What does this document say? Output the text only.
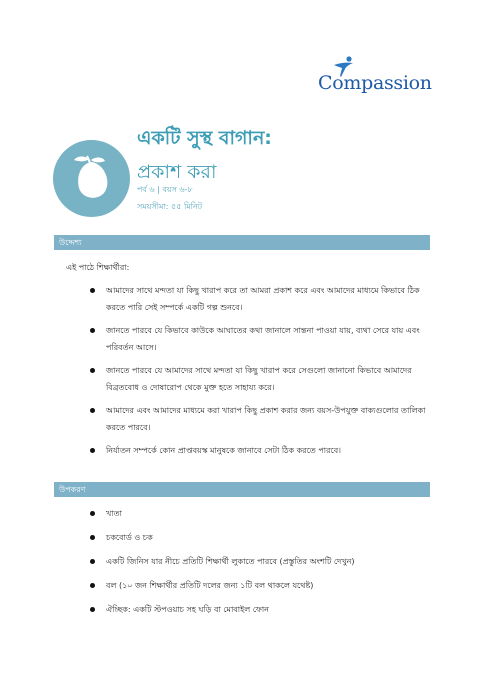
Compassion
একটি সুস্থ বাগান:
প্রকাশ করা
পর্ব ৬ | বয়স ৬-৮
সময়সীমা: ৫৫ মিনিট
উদ্দেশ্য
এই পাঠে শিক্ষার্থীরা:
আমাদের সাথে মন্দতা যা কিছু খারাপ করে তা আমরা প্রকাশ করে এবং আমাদের মাধ্যমে কিভাবে ঠিক করতে পারি সেই সম্পর্কে একটি গল্প শুনবে।
জানতে পারবে যে কিভাবে কাউকে আঘাতের কথা জানালে সান্তনা পাওয়া যায়, ব্যথা সেরে যায় এবং পরিবর্তন আসে।
জানতে পারবে যে আমাদের সাথে মন্দতা যা কিছু খারাপ করে সেগুলো জানানো কিভাবে আমাদের বিব্রতবোধ ও দোষারোপ থেকে মুক্ত হতে সাহায্য করে।
আমাদের এবং আমাদের মাধ্যমে করা খারাপ কিছু প্রকাশ করার জন্য বয়স-উপযুক্ত বাক্যগুলোর তালিকা করতে পারবে।
নির্যাতন সম্পর্কে কোন প্রাপ্তবয়স্ক মানুষকে জানাবে সেটা ঠিক করতে পারবে।
উপকরণ
খাতা
চকবোর্ড ও চক
একটি জিনিস যার নীচে প্রতিটি শিক্ষার্থী লুকাতে পারবে (প্রস্তুতির অংশটি দেখুন)
বল (১০ জন শিক্ষার্থীর প্রতিটি দলের জন্য ১টি বল থাকলে যথেষ্ট)
ঐচ্ছিক: একটি স্টপওয়াচ সহ ঘড়ি বা মোবাইল ফোন
